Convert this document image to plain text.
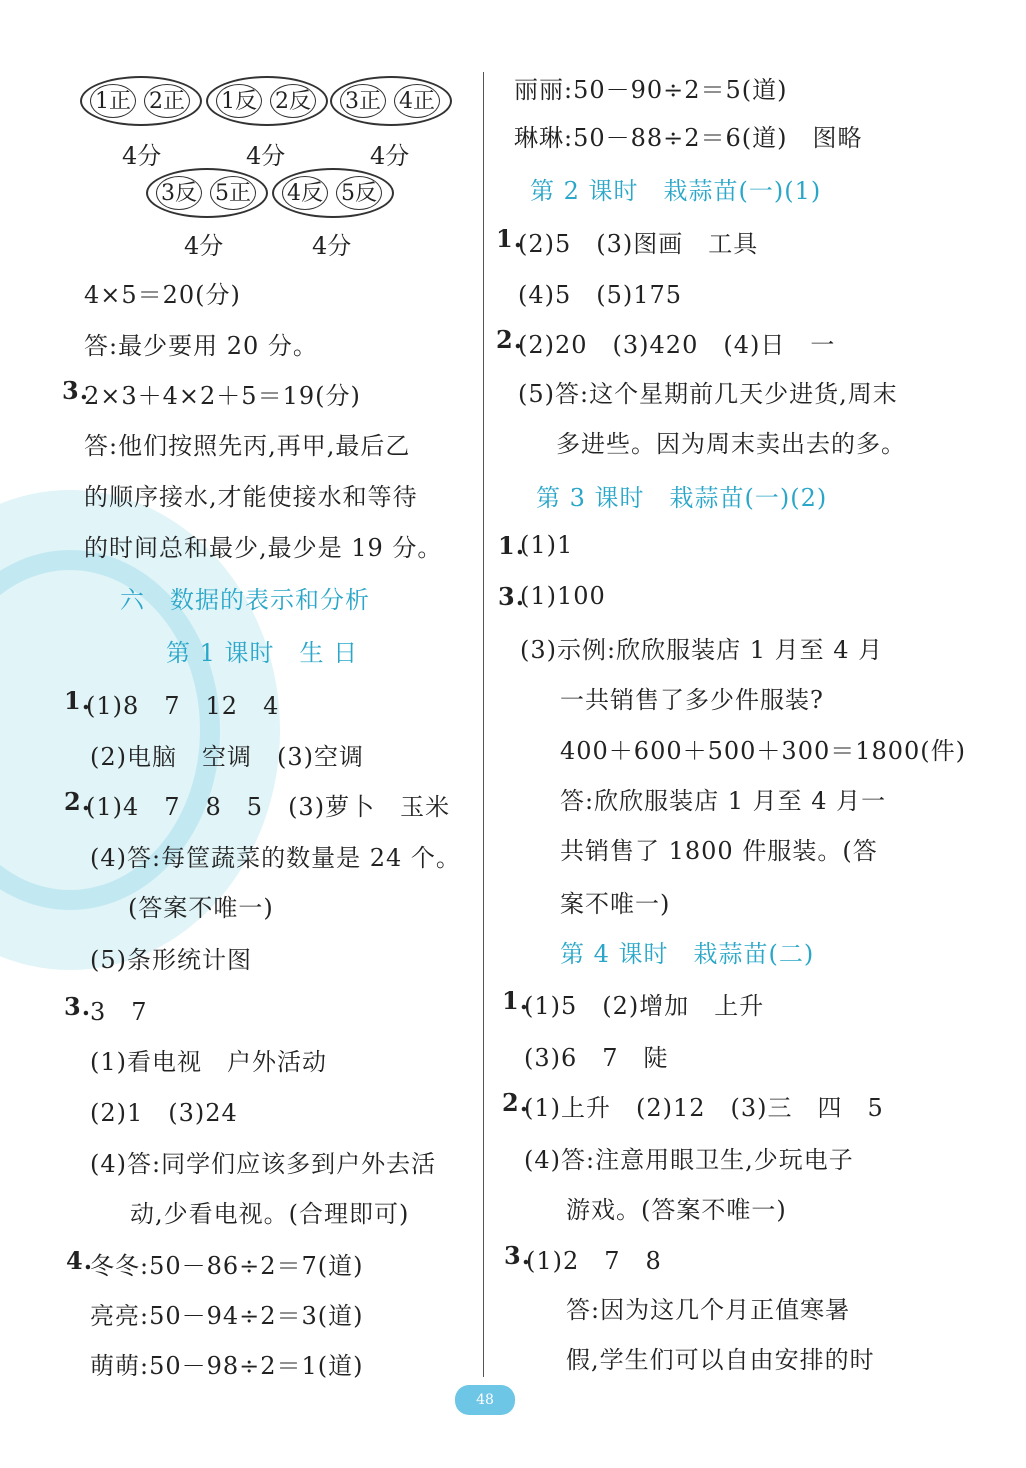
1正 2正 1反 2反 3正 4正
4分	4分	4分
3反 5正 4反 5反
4分	4分
4×5＝20(分)
答:最少要用 20 分。
3.
2×3＋4×2＋5＝19(分)
答:他们按照先丙,再甲,最后乙
的顺序接水,才能使接水和等待
的时间总和最少,最少是 19 分。
六　数据的表示和分析
第 1 课时　生 日
1.
(1)8　7　12　4
(2)电脑　空调　(3)空调
2.
(1)4　7　8　5　(3)萝卜　玉米
(4)答:每筐蔬菜的数量是 24 个。
(答案不唯一)
(5)条形统计图
3.
3　7
(1)看电视　户外活动
(2)1　(3)24
(4)答:同学们应该多到户外去活
动,少看电视。(合理即可)
4.
冬冬:50－86÷2＝7(道)
亮亮:50－94÷2＝3(道)
萌萌:50－98÷2＝1(道)
丽丽:50－90÷2＝5(道)
琳琳:50－88÷2＝6(道)　图略
第 2 课时　栽蒜苗(一)(1)
1.
(2)5　(3)图画　工具
(4)5　(5)175
2.
(2)20　(3)420　(4)日　一
(5)答:这个星期前几天少进货,周末
多进些。因为周末卖出去的多。
第 3 课时　栽蒜苗(一)(2)
1.
(1)1
3.
(1)100
(3)示例:欣欣服装店 1 月至 4 月
一共销售了多少件服装?
400＋600＋500＋300＝1800(件)
答:欣欣服装店 1 月至 4 月一
共销售了 1800 件服装。(答
案不唯一)
第 4 课时　栽蒜苗(二)
1.
(1)5　(2)增加　上升
(3)6　7　陡
2.
(1)上升　(2)12　(3)三　四　5
(4)答:注意用眼卫生,少玩电子
游戏。(答案不唯一)
3.
(1)2　7　8
答:因为这几个月正值寒暑
假,学生们可以自由安排的时
48
